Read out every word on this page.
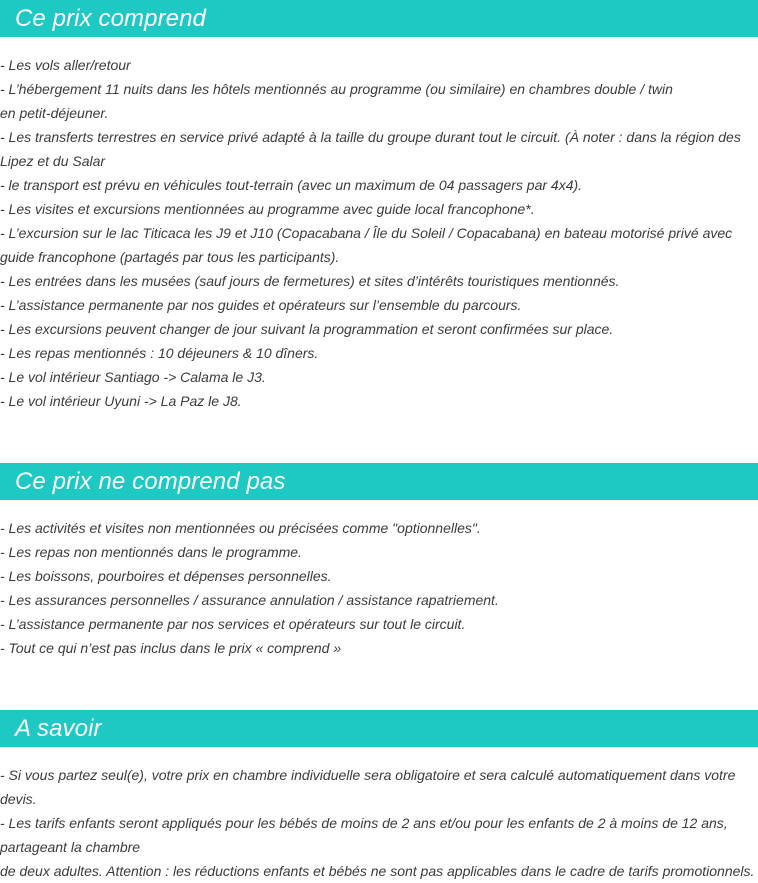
Ce prix comprend

- Les vols aller/retour

- L’hébergement 11 nuits dans les hôtels mentionnés au programme (ou similaire) en chambres double / twin

en petit-déjeuner.

- Les transferts terrestres en service privé adapté à la taille du groupe durant tout le circuit. (À noter : dans la région des

Lipez et du Salar

- le transport est prévu en véhicules tout-terrain (avec un maximum de 04 passagers par 4x4).

- Les visites et excursions mentionnées au programme avec guide local francophone*.

- L’excursion sur le lac Titicaca les J9 et J10 (Copacabana / Île du Soleil / Copacabana) en bateau motorisé privé avec

guide francophone (partagés par tous les participants).

- Les entrées dans les musées (sauf jours de fermetures) et sites d’intérêts touristiques mentionnés.

- L’assistance permanente par nos guides et opérateurs sur l’ensemble du parcours.

- Les excursions peuvent changer de jour suivant la programmation et seront confirmées sur place.

- Les repas mentionnés : 10 déjeuners & 10 dîners.

- Le vol intérieur Santiago -> Calama le J3.

- Le vol intérieur Uyuni -> La Paz le J8.

Ce prix ne comprend pas

- Les activités et visites non mentionnées ou précisées comme "optionnelles".

- Les repas non mentionnés dans le programme.

- Les boissons, pourboires et dépenses personnelles.

- Les assurances personnelles / assurance annulation / assistance rapatriement.

- L’assistance permanente par nos services et opérateurs sur tout le circuit.

- Tout ce qui n’est pas inclus dans le prix « comprend »

A savoir

- Si vous partez seul(e), votre prix en chambre individuelle sera obligatoire et sera calculé automatiquement dans votre

devis.

- Les tarifs enfants seront appliqués pour les bébés de moins de 2 ans et/ou pour les enfants de 2 à moins de 12 ans,

partageant la chambre

de deux adultes. Attention : les réductions enfants et bébés ne sont pas applicables dans le cadre de tarifs promotionnels.
